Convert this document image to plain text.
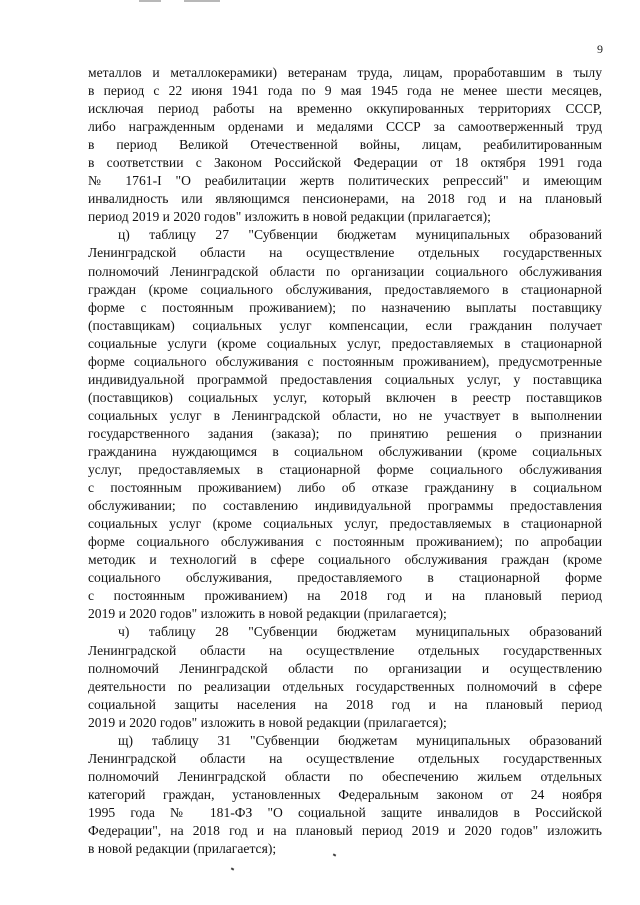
9
металлов и металлокерамики) ветеранам труда, лицам, проработавшим в тылу
в период с 22 июня 1941 года по 9 мая 1945 года не менее шести месяцев,
исключая период работы на временно оккупированных территориях СССР,
либо награжденным орденами и медалями СССР за самоотверженный труд
в период Великой Отечественной войны, лицам, реабилитированным
в соответствии с Законом Российской Федерации от 18 октября 1991 года
№ 1761-I "О реабилитации жертв политических репрессий" и имеющим
инвалидность или являющимся пенсионерами, на 2018 год и на плановый
период 2019 и 2020 годов" изложить в новой редакции (прилагается);
ц) таблицу 27 "Субвенции бюджетам муниципальных образований
Ленинградской области на осуществление отдельных государственных
полномочий Ленинградской области по организации социального обслуживания
граждан (кроме социального обслуживания, предоставляемого в стационарной
форме с постоянным проживанием); по назначению выплаты поставщику
(поставщикам) социальных услуг компенсации, если гражданин получает
социальные услуги (кроме социальных услуг, предоставляемых в стационарной
форме социального обслуживания с постоянным проживанием), предусмотренные
индивидуальной программой предоставления социальных услуг, у поставщика
(поставщиков) социальных услуг, который включен в реестр поставщиков
социальных услуг в Ленинградской области, но не участвует в выполнении
государственного задания (заказа); по принятию решения о признании
гражданина нуждающимся в социальном обслуживании (кроме социальных
услуг, предоставляемых в стационарной форме социального обслуживания
с постоянным проживанием) либо об отказе гражданину в социальном
обслуживании; по составлению индивидуальной программы предоставления
социальных услуг (кроме социальных услуг, предоставляемых в стационарной
форме социального обслуживания с постоянным проживанием); по апробации
методик и технологий в сфере социального обслуживания граждан (кроме
социального обслуживания, предоставляемого в стационарной форме
с постоянным проживанием) на 2018 год и на плановый период
2019 и 2020 годов" изложить в новой редакции (прилагается);
ч) таблицу 28 "Субвенции бюджетам муниципальных образований
Ленинградской области на осуществление отдельных государственных
полномочий Ленинградской области по организации и осуществлению
деятельности по реализации отдельных государственных полномочий в сфере
социальной защиты населения на 2018 год и на плановый период
2019 и 2020 годов" изложить в новой редакции (прилагается);
щ) таблицу 31 "Субвенции бюджетам муниципальных образований
Ленинградской области на осуществление отдельных государственных
полномочий Ленинградской области по обеспечению жильем отдельных
категорий граждан, установленных Федеральным законом от 24 ноября
1995 года № 181-ФЗ "О социальной защите инвалидов в Российской
Федерации", на 2018 год и на плановый период 2019 и 2020 годов" изложить
в новой редакции (прилагается);
